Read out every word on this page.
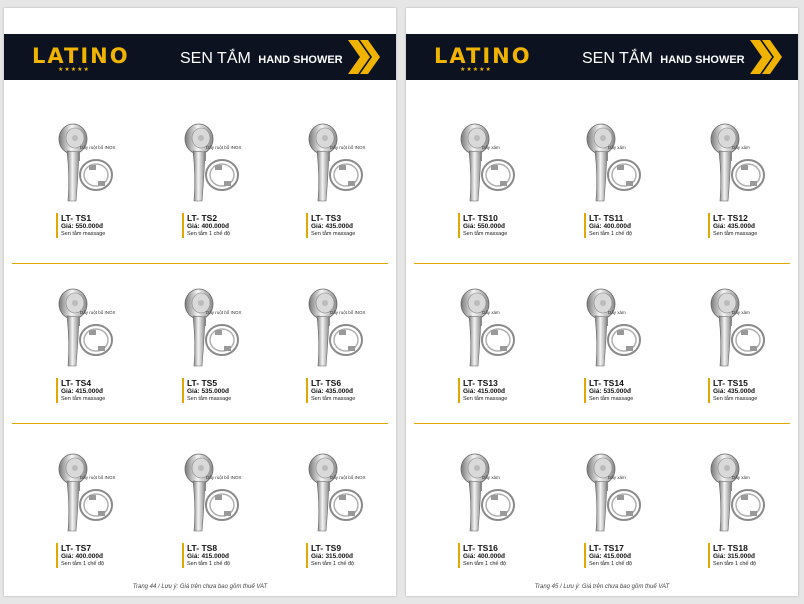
LATINO
★★★★★
SEN TẮM HAND SHOWER
Dây ruột bố INOX
LT- TS1
Giá: 550.000đ
Sen tắm massage
Dây ruột bố INOX
LT- TS2
Giá: 400.000đ
Sen tắm 1 chế độ
Dây ruột bố INOX
LT- TS3
Giá: 435.000đ
Sen tắm massage
Dây ruột bố INOX
LT- TS4
Giá: 415.000đ
Sen tắm massage
Dây ruột bố INOX
LT- TS5
Giá: 535.000đ
Sen tắm massage
Dây ruột bố INOX
LT- TS6
Giá: 435.000đ
Sen tắm massage
Dây ruột bố INOX
LT- TS7
Giá: 400.000đ
Sen tắm 1 chế độ
Dây ruột bố INOX
LT- TS8
Giá: 415.000đ
Sen tắm 1 chế độ
Dây ruột bố INOX
LT- TS9
Giá: 315.000đ
Sen tắm 1 chế độ
Trang 44 / Lưu ý: Giá trên chưa bao gồm thuế VAT
LATINO
★★★★★
SEN TẮM HAND SHOWER
Dây xám
LT- TS10
Giá: 550.000đ
Sen tắm massage
Dây xám
LT- TS11
Giá: 400.000đ
Sen tắm 1 chế độ
Dây xám
LT- TS12
Giá: 435.000đ
Sen tắm massage
Dây xám
LT- TS13
Giá: 415.000đ
Sen tắm massage
Dây xám
LT- TS14
Giá: 535.000đ
Sen tắm massage
Dây xám
LT- TS15
Giá: 435.000đ
Sen tắm massage
Dây xám
LT- TS16
Giá: 400.000đ
Sen tắm 1 chế độ
Dây xám
LT- TS17
Giá: 415.000đ
Sen tắm 1 chế độ
Dây xám
LT- TS18
Giá: 315.000đ
Sen tắm 1 chế độ
Trang 45 / Lưu ý: Giá trên chưa bao gồm thuế VAT
